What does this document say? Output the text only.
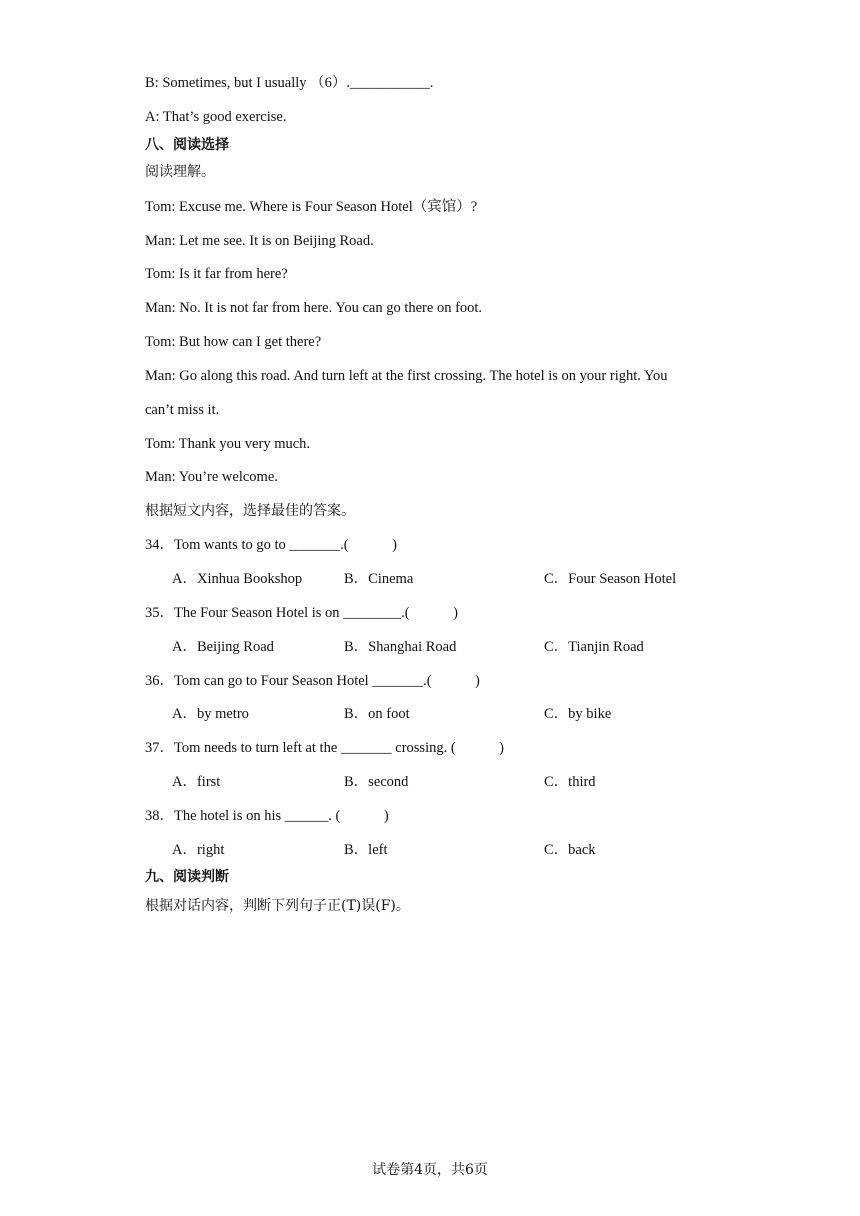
B: Sometimes, but I usually （6）.___________.
A: That’s good exercise.
八、阅读选择
阅读理解。
Tom: Excuse me. Where is Four Season Hotel（宾馆）?
Man: Let me see. It is on Beijing Road.
Tom: Is it far from here?
Man: No. It is not far from here. You can go there on foot.
Tom: But how can I get there?
Man: Go along this road. And turn left at the first crossing. The hotel is on your right. You
can’t miss it.
Tom: Thank you very much.
Man: You’re welcome.
根据短文内容，选择最佳的答案。
34．Tom wants to go to _______.(　　　)
A．Xinhua Bookshop	B．Cinema	C．Four Season Hotel
35．The Four Season Hotel is on ________.(　　　)
A．Beijing Road	B．Shanghai Road	C．Tianjin Road
36．Tom can go to Four Season Hotel _______.(　　　)
A．by metro	B．on foot	C．by bike
37．Tom needs to turn left at the _______ crossing. (　　　)
A．first	B．second	C．third
38．The hotel is on his ______. (　　　)
A．right	B．left	C．back
九、阅读判断
根据对话内容，判断下列句子正(T)误(F)。
试卷第4页，共6页
